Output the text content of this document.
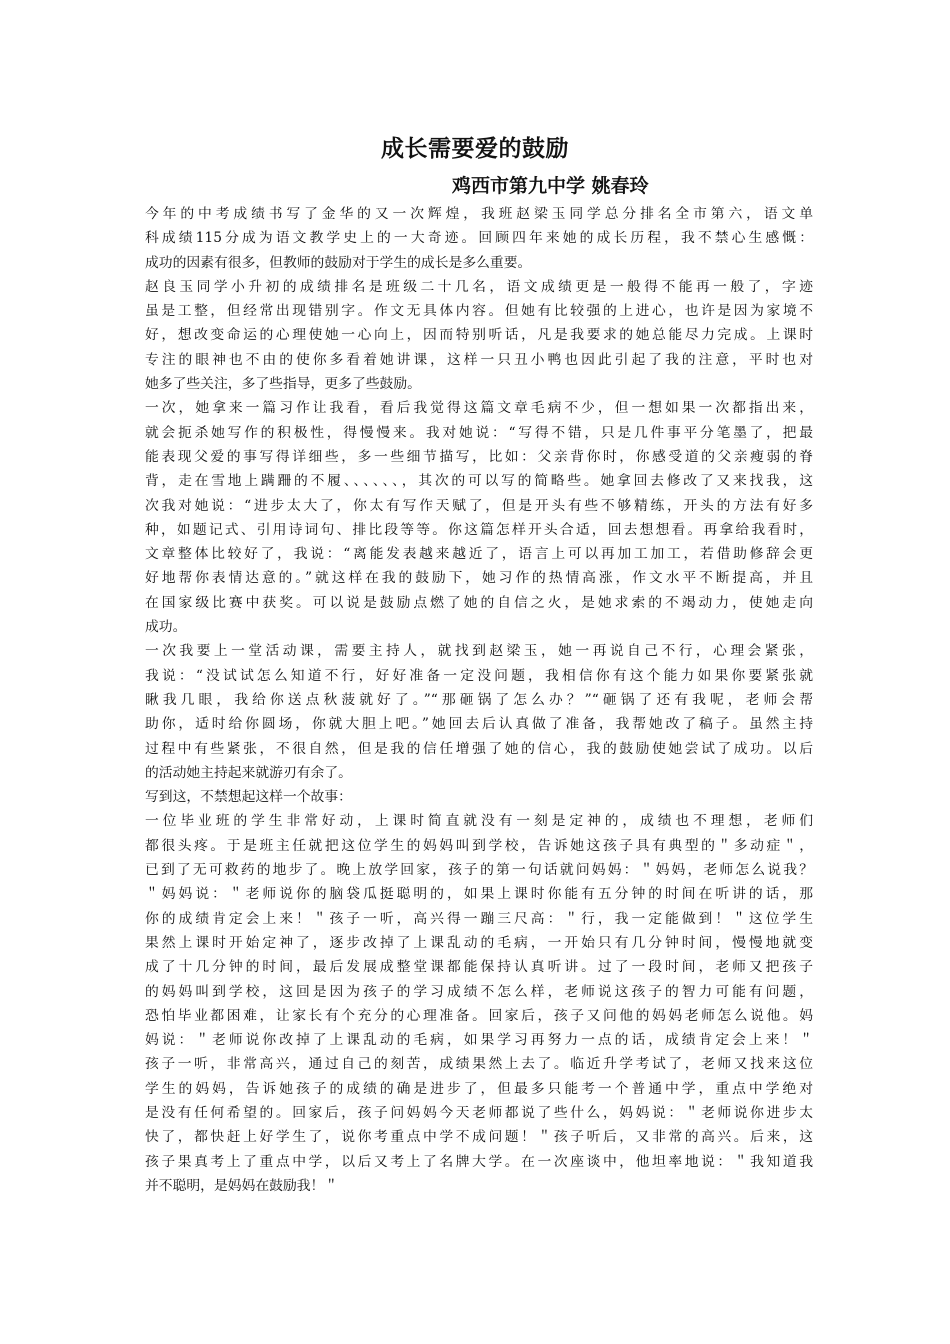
成长需要爱的鼓励
鸡西市第九中学 姚春玲
今年的中考成绩书写了金华的又一次辉煌，我班赵梁玉同学总分排名全市第六，语文单
科成绩115分成为语文教学史上的一大奇迹。回顾四年来她的成长历程，我不禁心生感慨：
成功的因素有很多，但教师的鼓励对于学生的成长是多么重要。
赵良玉同学小升初的成绩排名是班级二十几名，语文成绩更是一般得不能再一般了，字迹
虽是工整，但经常出现错别字。作文无具体内容。但她有比较强的上进心，也许是因为家境不
好，想改变命运的心理使她一心向上，因而特别听话，凡是我要求的她总能尽力完成。上课时
专注的眼神也不由的使你多看着她讲课，这样一只丑小鸭也因此引起了我的注意，平时也对
她多了些关注，多了些指导，更多了些鼓励。
一次，她拿来一篇习作让我看，看后我觉得这篇文章毛病不少，但一想如果一次都指出来，
就会扼杀她写作的积极性，得慢慢来。我对她说：“写得不错，只是几件事平分笔墨了，把最
能表现父爱的事写得详细些，多一些细节描写，比如：父亲背你时，你感受道的父亲瘦弱的脊
背，走在雪地上蹒跚的不履、、、、、、，其次的可以写的简略些。她拿回去修改了又来找我，这
次我对她说：“进步太大了，你太有写作天赋了，但是开头有些不够精练，开头的方法有好多
种，如题记式、引用诗词句、排比段等等。你这篇怎样开头合适，回去想想看。再拿给我看时，
文章整体比较好了，我说：“离能发表越来越近了，语言上可以再加工加工，若借助修辞会更
好地帮你表情达意的。”就这样在我的鼓励下，她习作的热情高涨，作文水平不断提高，并且
在国家级比赛中获奖。可以说是鼓励点燃了她的自信之火，是她求索的不竭动力，使她走向
成功。
一次我要上一堂活动课，需要主持人，就找到赵梁玉，她一再说自己不行，心理会紧张，
我说：“没试试怎么知道不行，好好准备一定没问题，我相信你有这个能力如果你要紧张就
瞅我几眼，我给你送点秋菠就好了。”“那砸锅了怎么办？”“砸锅了还有我呢，老师会帮
助你，适时给你圆场，你就大胆上吧。”她回去后认真做了准备，我帮她改了稿子。虽然主持
过程中有些紧张，不很自然，但是我的信任增强了她的信心，我的鼓励使她尝试了成功。以后
的活动她主持起来就游刃有余了。
写到这，不禁想起这样一个故事：
一位毕业班的学生非常好动，上课时简直就没有一刻是定神的，成绩也不理想，老师们
都很头疼。于是班主任就把这位学生的妈妈叫到学校，告诉她这孩子具有典型的＂多动症＂，
已到了无可救药的地步了。晚上放学回家，孩子的第一句话就问妈妈：＂妈妈，老师怎么说我？
＂妈妈说：＂老师说你的脑袋瓜挺聪明的，如果上课时你能有五分钟的时间在听讲的话，那
你的成绩肯定会上来！＂孩子一听，高兴得一蹦三尺高：＂行，我一定能做到！＂这位学生
果然上课时开始定神了，逐步改掉了上课乱动的毛病，一开始只有几分钟时间，慢慢地就变
成了十几分钟的时间，最后发展成整堂课都能保持认真听讲。过了一段时间，老师又把孩子
的妈妈叫到学校，这回是因为孩子的学习成绩不怎么样，老师说这孩子的智力可能有问题，
恐怕毕业都困难，让家长有个充分的心理准备。回家后，孩子又问他的妈妈老师怎么说他。妈
妈说：＂老师说你改掉了上课乱动的毛病，如果学习再努力一点的话，成绩肯定会上来！＂
孩子一听，非常高兴，通过自己的刻苦，成绩果然上去了。临近升学考试了，老师又找来这位
学生的妈妈，告诉她孩子的成绩的确是进步了，但最多只能考一个普通中学，重点中学绝对
是没有任何希望的。回家后，孩子问妈妈今天老师都说了些什么，妈妈说：＂老师说你进步太
快了，都快赶上好学生了，说你考重点中学不成问题！＂孩子听后，又非常的高兴。后来，这
孩子果真考上了重点中学，以后又考上了名牌大学。在一次座谈中，他坦率地说：＂我知道我
并不聪明，是妈妈在鼓励我！＂
